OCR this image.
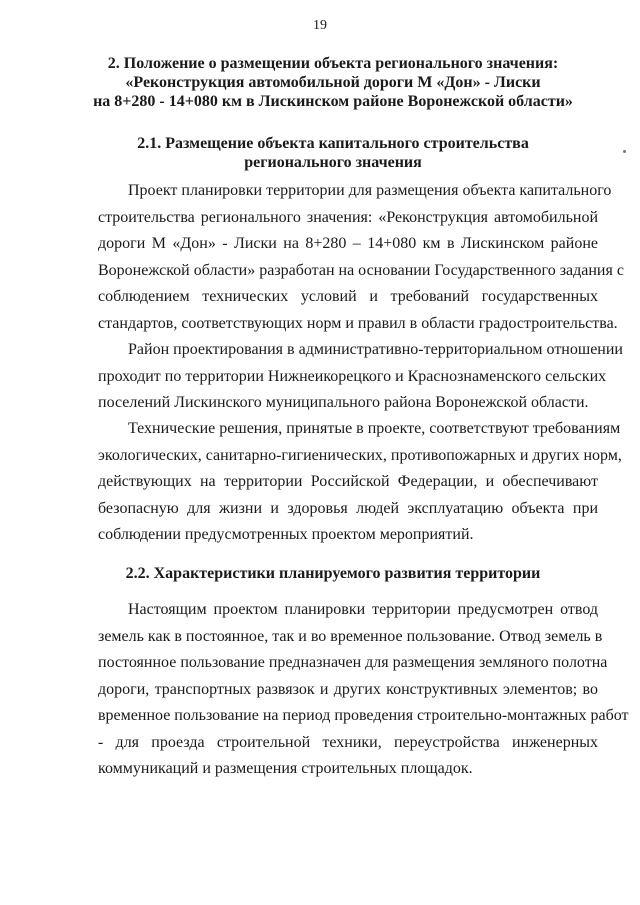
19
2. Положение о размещении объекта регионального значения:
«Реконструкция автомобильной дороги М «Дон» - Лиски
на 8+280 - 14+080 км в Лискинском районе Воронежской области»
2.1. Размещение объекта капитального строительства
регионального значения
Проект планировки территории для размещения объекта капитального
строительства регионального значения: «Реконструкция автомобильной
дороги М «Дон» - Лиски на 8+280 – 14+080 км в Лискинском районе
Воронежской области» разработан на основании Государственного задания с
соблюдением технических условий и требований государственных
стандартов, соответствующих норм и правил в области градостроительства.
Район проектирования в административно-территориальном отношении
проходит по территории Нижнеикорецкого и Краснознаменского сельских
поселений Лискинского муниципального района Воронежской области.
Технические решения, принятые в проекте, соответствуют требованиям
экологических, санитарно-гигиенических, противопожарных и других норм,
действующих на территории Российской Федерации, и обеспечивают
безопасную для жизни и здоровья людей эксплуатацию объекта при
соблюдении предусмотренных проектом мероприятий.
2.2. Характеристики планируемого развития территории
Настоящим проектом планировки территории предусмотрен отвод
земель как в постоянное, так и во временное пользование. Отвод земель в
постоянное пользование предназначен для размещения земляного полотна
дороги, транспортных развязок и других конструктивных элементов; во
временное пользование на период проведения строительно-монтажных работ
- для проезда строительной техники, переустройства инженерных
коммуникаций и размещения строительных площадок.
